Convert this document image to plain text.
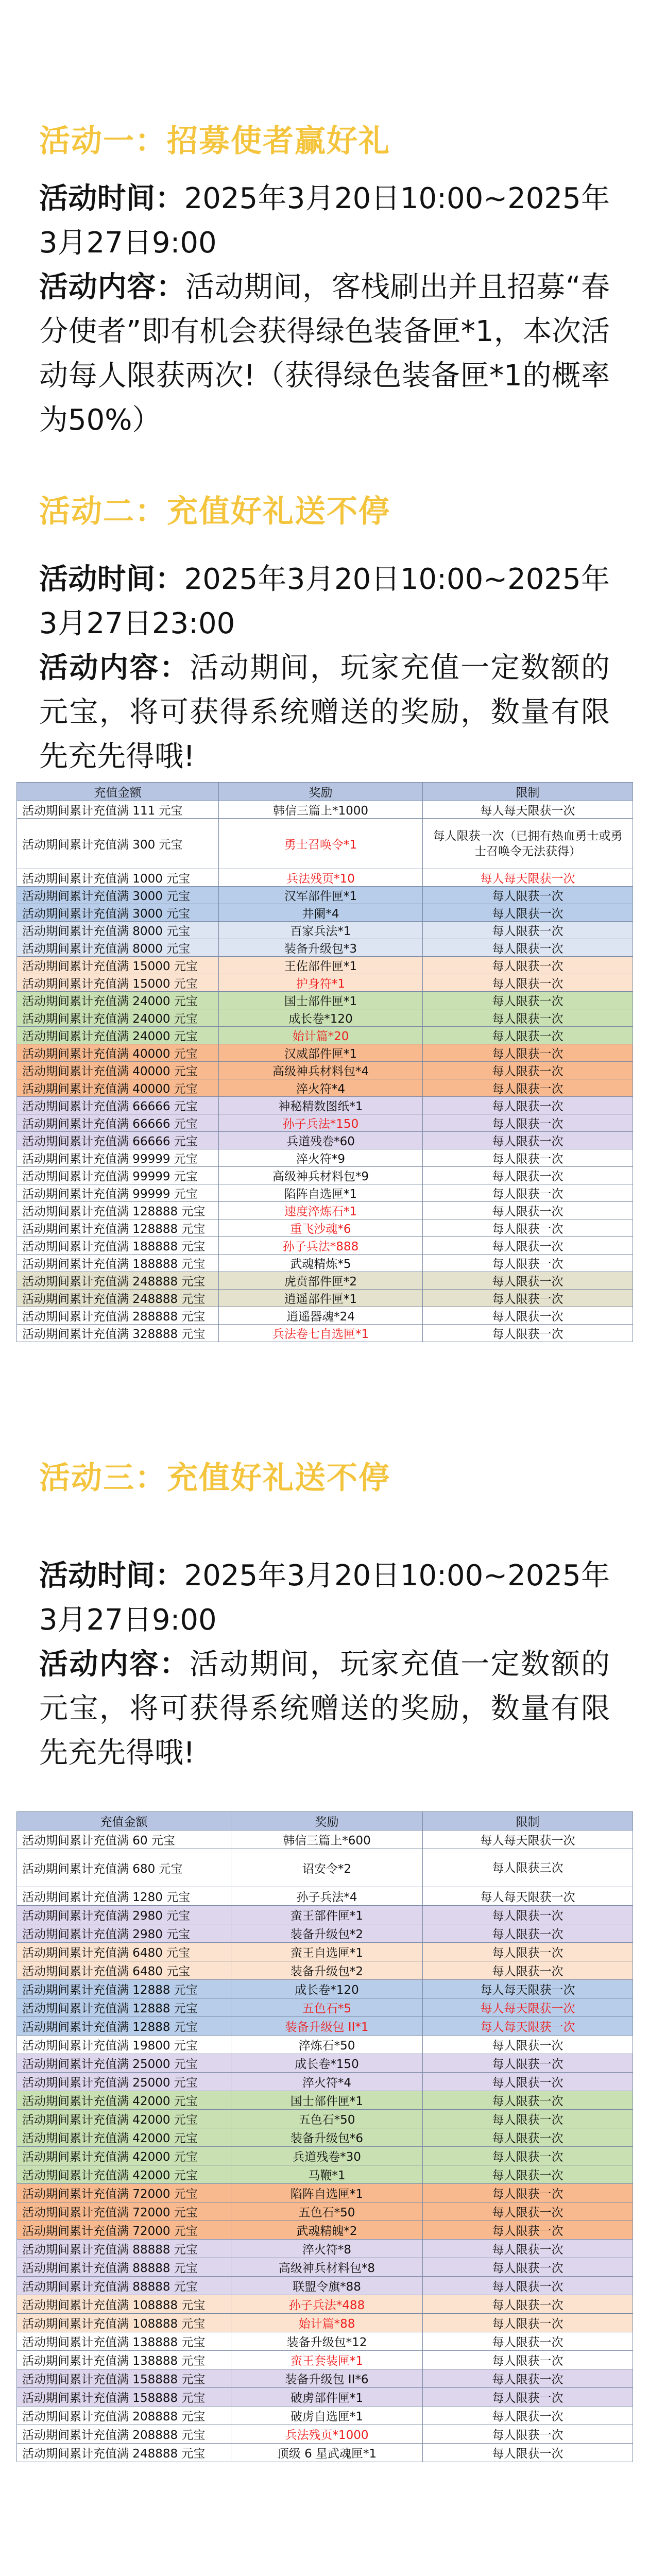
活动一：招募使者赢好礼

活动时间：2025年3月20日10:00~2025年3月27日9:00

活动内容：活动期间，客栈刷出并且招募“春分使者”即有机会获得绿色装备匣*1，本次活动每人限获两次!（获得绿色装备匣*1的概率为50%）

活动二：充值好礼送不停

活动时间：2025年3月20日10:00~2025年3月27日23:00

活动内容：活动期间，玩家充值一定数额的元宝，将可获得系统赠送的奖励，数量有限先充先得哦!

充值金额	奖励	限制
活动期间累计充值满 111 元宝	韩信三篇上*1000	每人每天限获一次
活动期间累计充值满 300 元宝	勇士召唤令*1	每人限获一次（已拥有热血勇士或勇士召唤令无法获得）
活动期间累计充值满 1000 元宝	兵法残页*10	每人每天限获一次
活动期间累计充值满 3000 元宝	汉军部件匣*1	每人限获一次
活动期间累计充值满 3000 元宝	井阑*4	每人限获一次
活动期间累计充值满 8000 元宝	百家兵法*1	每人限获一次
活动期间累计充值满 8000 元宝	装备升级包*3	每人限获一次
活动期间累计充值满 15000 元宝	王佐部件匣*1	每人限获一次
活动期间累计充值满 15000 元宝	护身符*1	每人限获一次
活动期间累计充值满 24000 元宝	国士部件匣*1	每人限获一次
活动期间累计充值满 24000 元宝	成长卷*120	每人限获一次
活动期间累计充值满 24000 元宝	始计篇*20	每人限获一次
活动期间累计充值满 40000 元宝	汉威部件匣*1	每人限获一次
活动期间累计充值满 40000 元宝	高级神兵材料包*4	每人限获一次
活动期间累计充值满 40000 元宝	淬火符*4	每人限获一次
活动期间累计充值满 66666 元宝	神秘精数图纸*1	每人限获一次
活动期间累计充值满 66666 元宝	孙子兵法*150	每人限获一次
活动期间累计充值满 66666 元宝	兵道残卷*60	每人限获一次
活动期间累计充值满 99999 元宝	淬火符*9	每人限获一次
活动期间累计充值满 99999 元宝	高级神兵材料包*9	每人限获一次
活动期间累计充值满 99999 元宝	陷阵自选匣*1	每人限获一次
活动期间累计充值满 128888 元宝	速度淬炼石*1	每人限获一次
活动期间累计充值满 128888 元宝	重飞沙魂*6	每人限获一次
活动期间累计充值满 188888 元宝	孙子兵法*888	每人限获一次
活动期间累计充值满 188888 元宝	武魂精炼*5	每人限获一次
活动期间累计充值满 248888 元宝	虎贲部件匣*2	每人限获一次
活动期间累计充值满 248888 元宝	逍遥部件匣*1	每人限获一次
活动期间累计充值满 288888 元宝	逍遥器魂*24	每人限获一次
活动期间累计充值满 328888 元宝	兵法卷七自选匣*1	每人限获一次
活动三：充值好礼送不停

活动时间：2025年3月20日10:00~2025年3月27日9:00

活动内容：活动期间，玩家充值一定数额的元宝，将可获得系统赠送的奖励，数量有限先充先得哦!

充值金额	奖励	限制
活动期间累计充值满 60 元宝	韩信三篇上*600	每人每天限获一次
活动期间累计充值满 680 元宝	诏安令*2	每人限获三次
活动期间累计充值满 1280 元宝	孙子兵法*4	每人每天限获一次
活动期间累计充值满 2980 元宝	蛮王部件匣*1	每人限获一次
活动期间累计充值满 2980 元宝	装备升级包*2	每人限获一次
活动期间累计充值满 6480 元宝	蛮王自选匣*1	每人限获一次
活动期间累计充值满 6480 元宝	装备升级包*2	每人限获一次
活动期间累计充值满 12888 元宝	成长卷*120	每人每天限获一次
活动期间累计充值满 12888 元宝	五色石*5	每人每天限获一次
活动期间累计充值满 12888 元宝	装备升级包 II*1	每人每天限获一次
活动期间累计充值满 19800 元宝	淬炼石*50	每人限获一次
活动期间累计充值满 25000 元宝	成长卷*150	每人限获一次
活动期间累计充值满 25000 元宝	淬火符*4	每人限获一次
活动期间累计充值满 42000 元宝	国士部件匣*1	每人限获一次
活动期间累计充值满 42000 元宝	五色石*50	每人限获一次
活动期间累计充值满 42000 元宝	装备升级包*6	每人限获一次
活动期间累计充值满 42000 元宝	兵道残卷*30	每人限获一次
活动期间累计充值满 42000 元宝	马鞭*1	每人限获一次
活动期间累计充值满 72000 元宝	陷阵自选匣*1	每人限获一次
活动期间累计充值满 72000 元宝	五色石*50	每人限获一次
活动期间累计充值满 72000 元宝	武魂精魄*2	每人限获一次
活动期间累计充值满 88888 元宝	淬火符*8	每人限获一次
活动期间累计充值满 88888 元宝	高级神兵材料包*8	每人限获一次
活动期间累计充值满 88888 元宝	联盟令旗*88	每人限获一次
活动期间累计充值满 108888 元宝	孙子兵法*488	每人限获一次
活动期间累计充值满 108888 元宝	始计篇*88	每人限获一次
活动期间累计充值满 138888 元宝	装备升级包*12	每人限获一次
活动期间累计充值满 138888 元宝	蛮王套装匣*1	每人限获一次
活动期间累计充值满 158888 元宝	装备升级包 II*6	每人限获一次
活动期间累计充值满 158888 元宝	破虏部件匣*1	每人限获一次
活动期间累计充值满 208888 元宝	破虏自选匣*1	每人限获一次
活动期间累计充值满 208888 元宝	兵法残页*1000	每人限获一次
活动期间累计充值满 248888 元宝	顶级 6 星武魂匣*1	每人限获一次
